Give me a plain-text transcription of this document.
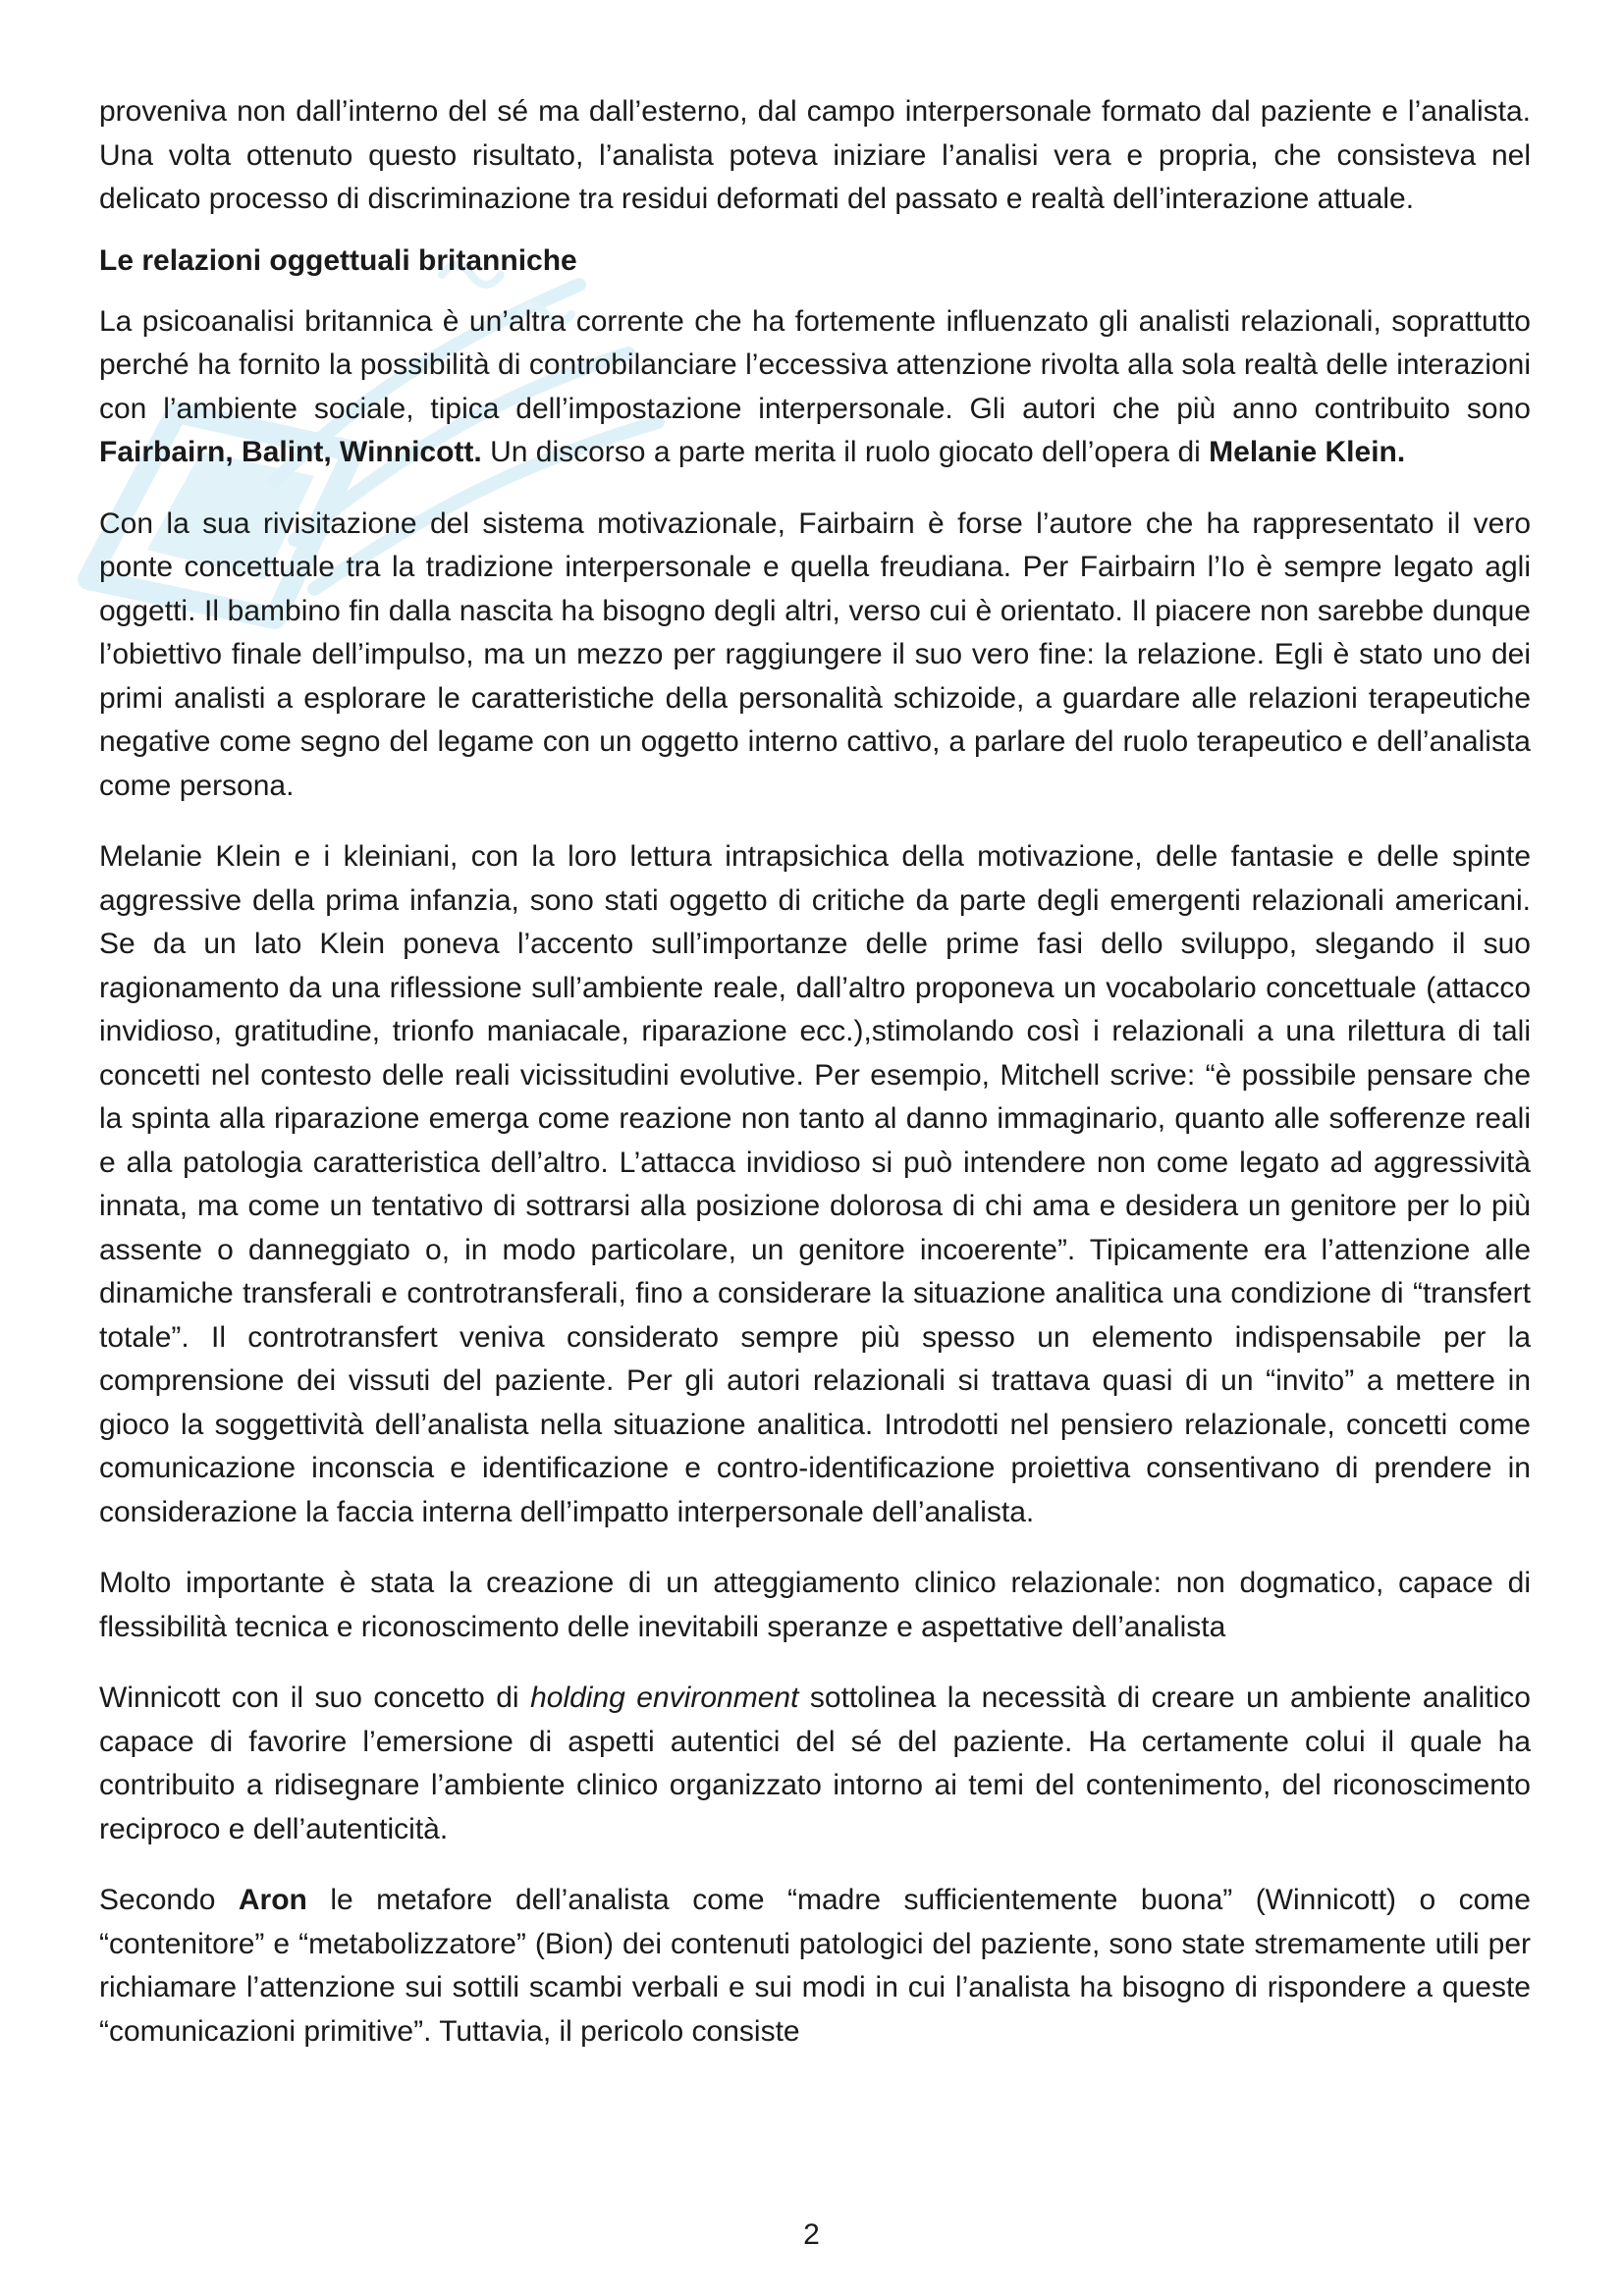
proveniva non dall’interno del sé ma dall’esterno, dal campo interpersonale formato dal paziente e l’analista. Una volta ottenuto questo risultato, l’analista poteva iniziare l’analisi vera e propria, che consisteva nel delicato processo di discriminazione tra residui deformati del passato e realtà dell’interazione attuale.

Le relazioni oggettuali britanniche

La psicoanalisi britannica è un’altra corrente che ha fortemente influenzato gli analisti relazionali, soprattutto perché ha fornito la possibilità di controbilanciare l’eccessiva attenzione rivolta alla sola realtà delle interazioni con l’ambiente sociale, tipica dell’impostazione interpersonale. Gli autori che più anno contribuito sono Fairbairn, Balint, Winnicott. Un discorso a parte merita il ruolo giocato dell’opera di Melanie Klein.

Con la sua rivisitazione del sistema motivazionale, Fairbairn è forse l’autore che ha rappresentato il vero ponte concettuale tra la tradizione interpersonale e quella freudiana. Per Fairbairn l’Io è sempre legato agli oggetti. Il bambino fin dalla nascita ha bisogno degli altri, verso cui è orientato. Il piacere non sarebbe dunque l’obiettivo finale dell’impulso, ma un mezzo per raggiungere il suo vero fine: la relazione. Egli è stato uno dei primi analisti a esplorare le caratteristiche della personalità schizoide, a guardare alle relazioni terapeutiche negative come segno del legame con un oggetto interno cattivo, a parlare del ruolo terapeutico e dell’analista come persona.

Melanie Klein e i kleiniani, con la loro lettura intrapsichica della motivazione, delle fantasie e delle spinte aggressive della prima infanzia, sono stati oggetto di critiche da parte degli emergenti relazionali americani. Se da un lato Klein poneva l’accento sull’importanze delle prime fasi dello sviluppo, slegando il suo ragionamento da una riflessione sull’ambiente reale, dall’altro proponeva un vocabolario concettuale (attacco invidioso, gratitudine, trionfo maniacale, riparazione ecc.),stimolando così i relazionali a una rilettura di tali concetti nel contesto delle reali vicissitudini evolutive. Per esempio, Mitchell scrive: “è possibile pensare che la spinta alla riparazione emerga come reazione non tanto al danno immaginario, quanto alle sofferenze reali e alla patologia caratteristica dell’altro. L’attacca invidioso si può intendere non come legato ad aggressività innata, ma come un tentativo di sottrarsi alla posizione dolorosa di chi ama e desidera un genitore per lo più assente o danneggiato o, in modo particolare, un genitore incoerente”. Tipicamente era l’attenzione alle dinamiche transferali e controtransferali, fino a considerare la situazione analitica una condizione di “transfert totale”. Il controtransfert veniva considerato sempre più spesso un elemento indispensabile per la comprensione dei vissuti del paziente. Per gli autori relazionali si trattava quasi di un “invito” a mettere in gioco la soggettività dell’analista nella situazione analitica. Introdotti nel pensiero relazionale, concetti come comunicazione inconscia e identificazione e contro-identificazione proiettiva consentivano di prendere in considerazione la faccia interna dell’impatto interpersonale dell’analista.

Molto importante è stata la creazione di un atteggiamento clinico relazionale: non dogmatico, capace di flessibilità tecnica e riconoscimento delle inevitabili speranze e aspettative dell’analista

Winnicott con il suo concetto di holding environment sottolinea la necessità di creare un ambiente analitico capace di favorire l’emersione di aspetti autentici del sé del paziente. Ha certamente colui il quale ha contribuito a ridisegnare l’ambiente clinico organizzato intorno ai temi del contenimento, del riconoscimento reciproco e dell’autenticità.

Secondo Aron le metafore dell’analista come “madre sufficientemente buona” (Winnicott) o come “contenitore” e “metabolizzatore” (Bion) dei contenuti patologici del paziente, sono state stremamente utili per richiamare l’attenzione sui sottili scambi verbali e sui modi in cui l’analista ha bisogno di rispondere a queste “comunicazioni primitive”. Tuttavia, il pericolo consiste

2
